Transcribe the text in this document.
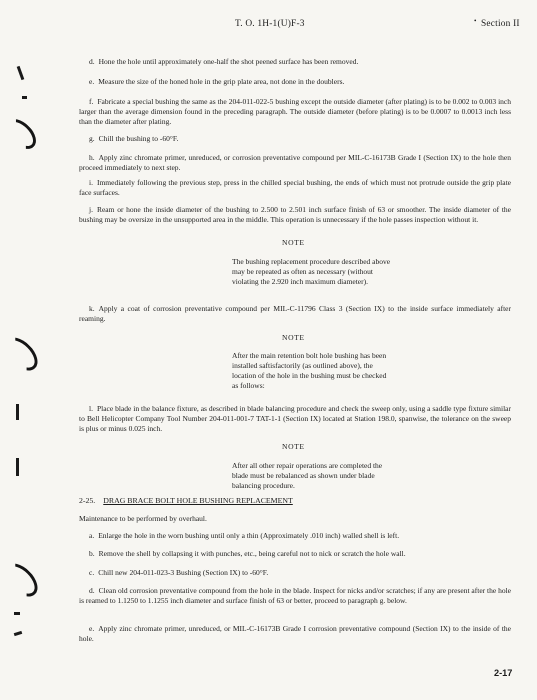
T. O. 1H-1(U)F-3
•	Section II

d. Hone the hole until approximately one-half the shot peened surface has been removed.

e. Measure the size of the honed hole in the grip plate area, not done in the doublers.

f. Fabricate a special bushing the same as the 204-011-022-5 bushing except the outside diameter (after plating) is to be 0.002 to 0.003 inch larger than the average dimension found in the preceding paragraph. The outside diameter (before plating) is to be 0.0007 to 0.0013 inch less than the diameter after plating.

g. Chill the bushing to -60°F.

h. Apply zinc chromate primer, unreduced, or corrosion preventative compound per MIL-C-16173B Grade I (Section IX) to the hole then proceed immediately to next step.

i. Immediately following the previous step, press in the chilled special bushing, the ends of which must not protrude outside the grip plate face surfaces.

j. Ream or hone the inside diameter of the bushing to 2.500 to 2.501 inch surface finish of 63 or smoother. The inside diameter of the bushing may be oversize in the unsupported area in the middle. This operation is unnecessary if the hole passes inspection without it.

NOTE

The bushing replacement procedure described above may be repeated as often as necessary (without violating the 2.920 inch maximum diameter).

k. Apply a coat of corrosion preventative compound per MIL-C-11796 Class 3 (Section IX) to the inside surface immediately after reaming.

NOTE

After the main retention bolt hole bushing has been installed saftisfactorily (as outlined above), the location of the hole in the bushing must be checked as follows:

l. Place blade in the balance fixture, as described in blade balancing procedure and check the sweep only, using a saddle type fixture similar to Bell Helicopter Company Tool Number 204-011-001-7 TAT-1-1 (Section IX) located at Station 198.0, spanwise, the tolerance on the sweep is plus or minus 0.025 inch.

NOTE

After all other repair operations are completed the blade must be rebalanced as shown under blade balancing procedure.

2-25. DRAG BRACE BOLT HOLE BUSHING REPLACEMENT
Maintenance to be performed by overhaul.

a. Enlarge the hole in the worn bushing until only a thin (Approximately .010 inch) walled shell is left.

b. Remove the shell by collapsing it with punches, etc., being careful not to nick or scratch the hole wall.

c. Chill new 204-011-023-3 Bushing (Section IX) to -60°F.

d. Clean old corrosion preventative compound from the hole in the blade. Inspect for nicks and/or scratches; if any are present after the hole is reamed to 1.1250 to 1.1255 inch diameter and surface finish of 63 or better, proceed to paragraph g. below.

e. Apply zinc chromate primer, unreduced, or MIL-C-16173B Grade I corrosion preventative compound (Section IX) to the inside of the hole.

2-17
